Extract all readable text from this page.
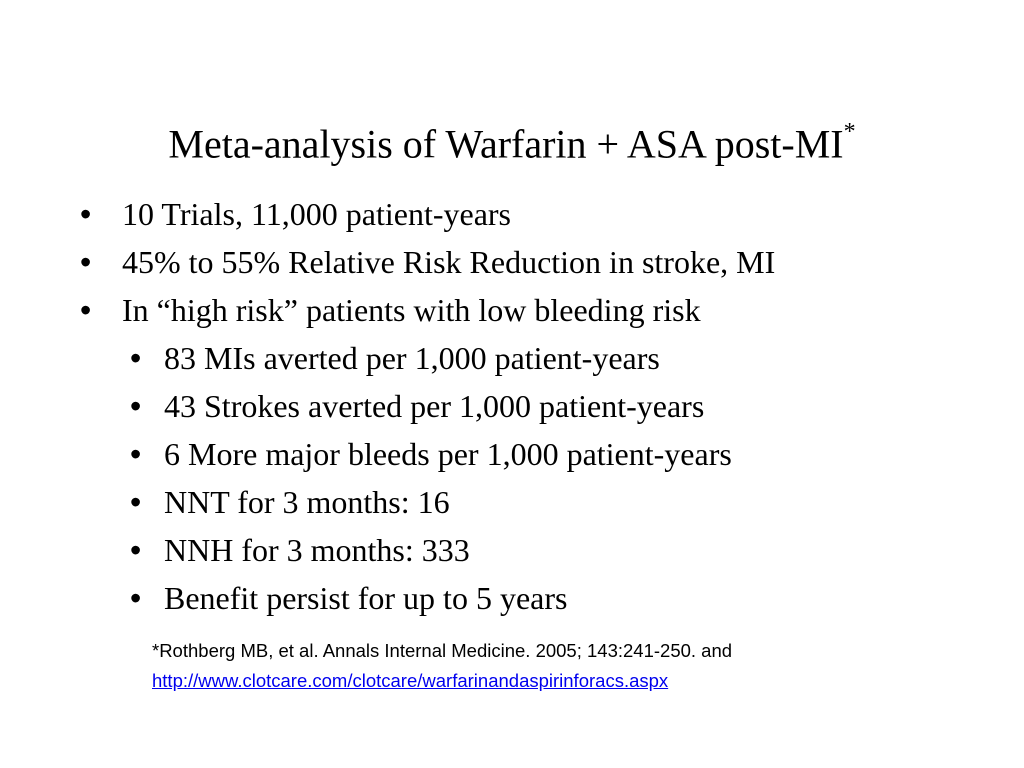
Meta-analysis of Warfarin + ASA post-MI*
• 10 Trials, 11,000 patient-years
• 45% to 55% Relative Risk Reduction in stroke, MI
• In “high risk” patients with low bleeding risk
• 83 MIs averted per 1,000 patient-years
• 43 Strokes averted per 1,000 patient-years
• 6 More major bleeds per 1,000 patient-years
• NNT for 3 months: 16
• NNH for 3 months: 333
• Benefit persist for up to 5 years
*Rothberg MB, et al. Annals Internal Medicine. 2005; 143:241-250. and
http://www.clotcare.com/clotcare/warfarinandaspirinforacs.aspx
